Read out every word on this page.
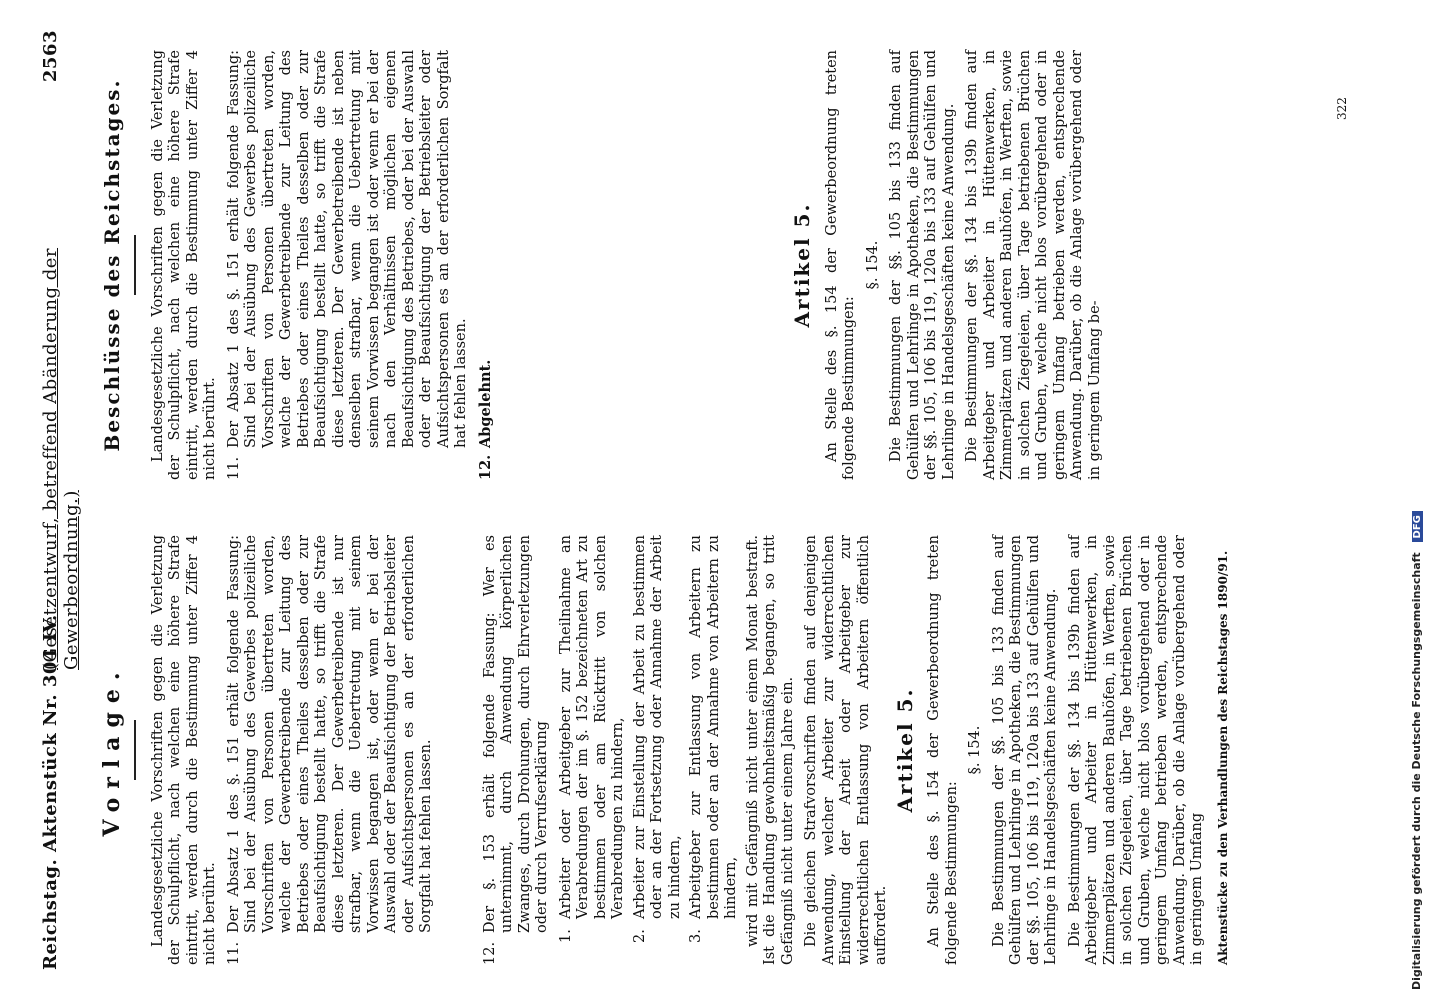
Reichstag. Aktenstück Nr. 304 IV.
(Gesetzentwurf, betreffend Abänderung der Gewerbeordnung.)
2563
Vorlage. Landesgesetzliche Vorschriften gegen die Verletzung der Schulpflicht, nach welchen eine höhere Strafe eintritt, werden durch die Bestimmung unter Ziffer 4 nicht berührt. 11.
Der Absatz 1 des §. 151 erhält folgende Fassung: Sind bei der Ausübung des Gewerbes polizeiliche Vorschriften von Personen übertreten worden, welche der Gewerbetreibende zur Leitung des Betriebes oder eines Theiles desselben oder zur Beaufsichtigung bestellt hatte, so trifft die Strafe diese letzteren. Der Gewerbetreibende ist nur strafbar, wenn die Uebertretung mit seinem Vorwissen begangen ist, oder wenn er bei der Auswahl oder der Beaufsichtigung der Betriebsleiter oder Aufsichtspersonen es an der erforderlichen Sorgfalt hat fehlen lassen.
12.
Der §. 153 erhält folgende Fassung: Wer es unternimmt, durch Anwendung körperlichen Zwanges, durch Drohungen, durch Ehrverletzungen oder durch Verrufserklärung
1.
Arbeiter oder Arbeitgeber zur Theilnahme an Verabredungen der im §. 152 bezeichneten Art zu bestimmen oder am Rücktritt von solchen Verabredungen zu hindern,
2.
Arbeiter zur Einstellung der Arbeit zu bestimmen oder an der Fortsetzung oder Annahme der Arbeit zu hindern,
3.
Arbeitgeber zur Entlassung von Arbeitern zu bestimmen oder an der Annahme von Arbeitern zu hindern, wird mit Gefängniß nicht unter einem Monat bestraft. Ist die Handlung gewohnheitsmäßig begangen, so tritt Gefängniß nicht unter einem Jahre ein. Die gleichen Strafvorschriften finden auf denjenigen Anwendung, welcher Arbeiter zur widerrechtlichen Einstellung der Arbeit oder Arbeitgeber zur widerrechtlichen Entlassung von Arbeitern öffentlich auffordert.

Artikel 5. An Stelle des §. 154 der Gewerbeordnung treten folgende Bestimmungen:

§. 154. Die Bestimmungen der §§. 105 bis 133 finden auf Gehülfen und Lehrlinge in Apotheken, die Bestimmungen der §§. 105, 106 bis 119, 120a bis 133 auf Gehülfen und Lehrlinge in Handelsgeschäften keine Anwendung. Die Bestimmungen der §§. 134 bis 139b finden auf Arbeitgeber und Arbeiter in Hüttenwerken, in Zimmerplätzen und anderen Bauhöfen, in Werften, sowie in solchen Ziegeleien, über Tage betriebenen Brüchen und Gruben, welche nicht blos vorübergehend oder in geringem Umfang betrieben werden, entsprechende Anwendung. Darüber, ob die Anlage vorübergehend oder in geringem Umfang Aktenstücke zu den Verhandlungen des Reichstages 1890/91.
Beschlüsse des Reichstages. Landesgesetzliche Vorschriften gegen die Verletzung der Schulpflicht, nach welchen eine höhere Strafe eintritt, werden durch die Bestimmung unter Ziffer 4 nicht berührt. 11.
Der Absatz 1 des §. 151 erhält folgende Fassung: Sind bei der Ausübung des Gewerbes polizeiliche Vorschriften von Personen übertreten worden, welche der Gewerbetreibende zur Leitung des Betriebes oder eines Theiles desselben oder zur Beaufsichtigung bestellt hatte, so trifft die Strafe diese letzteren. Der Gewerbetreibende ist neben denselben strafbar, wenn die Uebertretung mit seinem Vorwissen begangen ist oder wenn er bei der nach den Verhältnissen möglichen eigenen Beaufsichtigung des Betriebes, oder bei der Auswahl oder der Beaufsichtigung der Betriebsleiter oder Aufsichtspersonen es an der erforderlichen Sorgfalt hat fehlen lassen.
12.
Abgelehnt.
Artikel 5. An Stelle des §. 154 der Gewerbeordnung treten folgende Bestimmungen:

§. 154. Die Bestimmungen der §§. 105 bis 133 finden auf Gehülfen und Lehrlinge in Apotheken, die Bestimmungen der §§. 105, 106 bis 119, 120a bis 133 auf Gehülfen und Lehrlinge in Handelsgeschäften keine Anwendung. Die Bestimmungen der §§. 134 bis 139b finden auf Arbeitgeber und Arbeiter in Hüttenwerken, in Zimmerplätzen und anderen Bauhöfen, in Werften, sowie in solchen Ziegeleien, über Tage betriebenen Brüchen und Gruben, welche nicht blos vorübergehend oder in geringem Umfang betrieben werden, entsprechende Anwendung. Darüber, ob die Anlage vorübergehend oder in geringem Umfang be-

322
Digitalisierung gefördert durch die Deutsche Forschungsgemeinschaft DFG
